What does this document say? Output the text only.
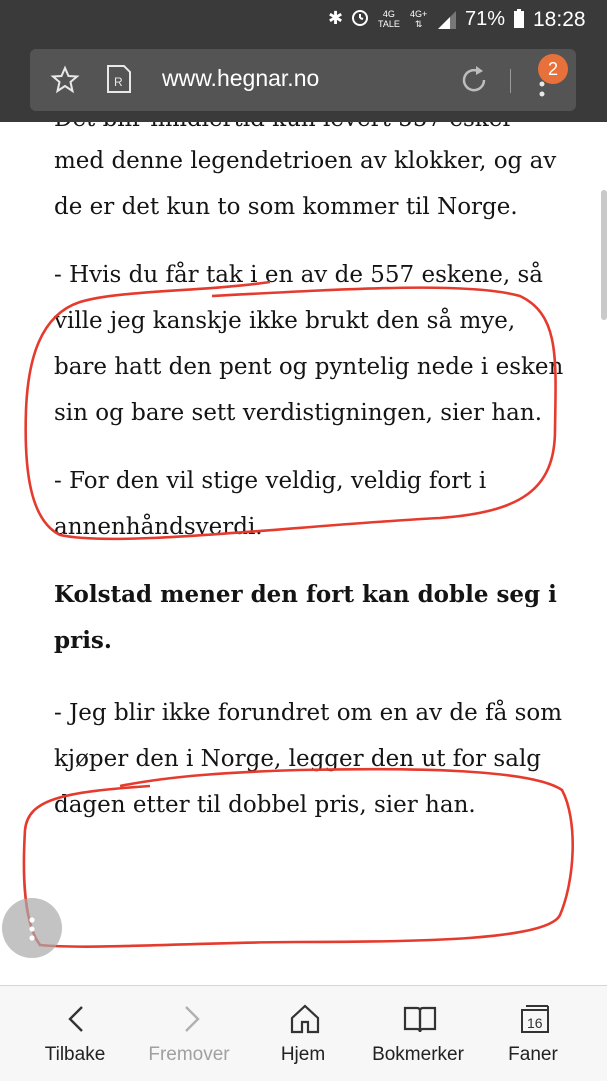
med denne legendetrioen av klokker, og av de er det kun to som kommer til Norge.

- Hvis du får tak i en av de 557 eskene, så ville jeg kanskje ikke brukt den så mye, bare hatt den pent og pyntelig nede i esken sin og bare sett verdistigningen, sier han.

- For den vil stige veldig, veldig fort i annenhåndsverdi.

Kolstad mener den fort kan doble seg i pris.

- Jeg blir ikke forundret om en av de få som kjøper den i Norge, legger den ut for salg dagen etter til dobbel pris, sier han.

✱	4G
TALE
4G+
⇅ 71% 18:28
R www.hegnar.no	2
Tilbake	Fremover	Hjem	Bokmerker
16
Faner
